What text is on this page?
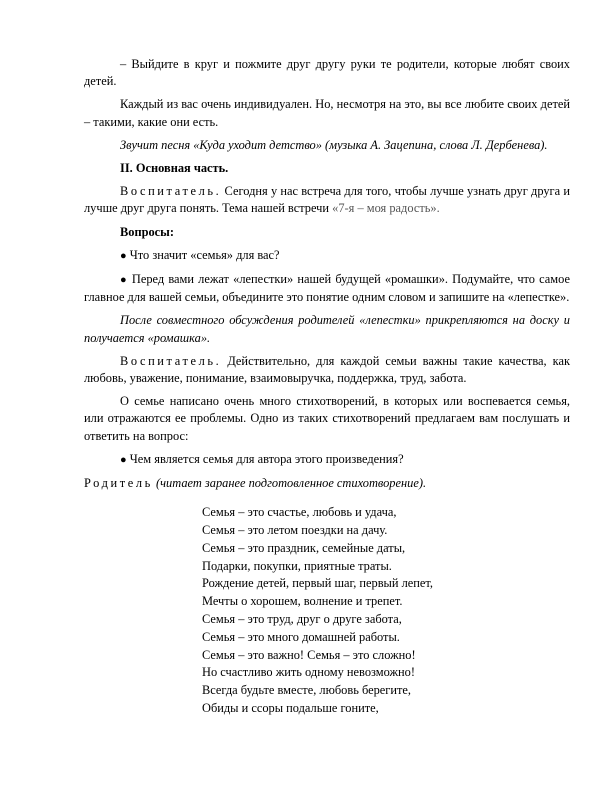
– Выйдите в круг и пожмите друг другу руки те родители, которые любят своих детей.

Каждый из вас очень индивидуален. Но, несмотря на это, вы все любите своих детей – такими, какие они есть.

Звучит песня «Куда уходит детство» (музыка А. Зацепина, слова Л. Дербенева).

II. Основная часть.

Воспитатель. Сегодня у нас встреча для того, чтобы лучше узнать друг друга и лучше друг друга понять. Тема нашей встречи «7-я – моя радость».

Вопросы:

● Что значит «семья» для вас?

● Перед вами лежат «лепестки» нашей будущей «ромашки». Подумайте, что самое главное для вашей семьи, объедините это понятие одним словом и запишите на «лепестке».

После совместного обсуждения родителей «лепестки» прикрепляются на доску и получается «ромашка».

Воспитатель. Действительно, для каждой семьи важны такие качества, как любовь, уважение, понимание, взаимовыручка, поддержка, труд, забота.

О семье написано очень много стихотворений, в которых или воспевается семья, или отражаются ее проблемы. Одно из таких стихотворений предлагаем вам послушать и ответить на вопрос:

● Чем является семья для автора этого произведения?

Родитель (читает заранее подготовленное стихотворение).

Семья – это счастье, любовь и удача,
Семья – это летом поездки на дачу.
Семья – это праздник, семейные даты,
Подарки, покупки, приятные траты.
Рождение детей, первый шаг, первый лепет,
Мечты о хорошем, волнение и трепет.
Семья – это труд, друг о друге забота,
Семья – это много домашней работы.
Семья – это важно! Семья – это сложно!
Но счастливо жить одному невозможно!
Всегда будьте вместе, любовь берегите,
Обиды и ссоры подальше гоните,
